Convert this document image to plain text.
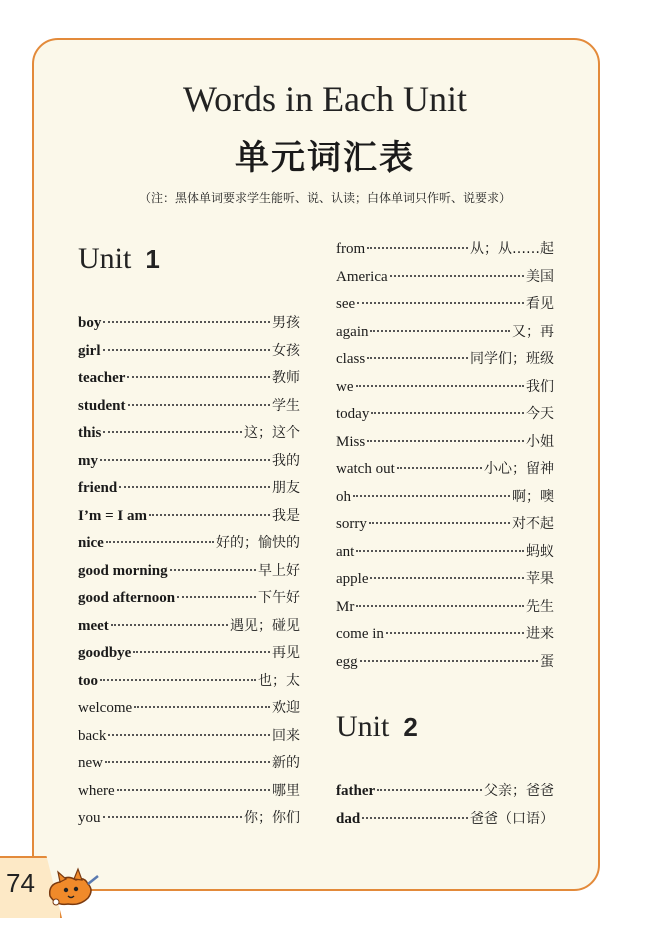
Words in Each Unit
单元词汇表
（注：黑体单词要求学生能听、说、认读；白体单词只作听、说要求）
Unit 1
boy	男孩
girl	女孩
teacher	教师
student	学生
this	这；这个
my	我的
friend	朋友
I’m = I am	我是
nice	好的；愉快的
good morning	早上好
good afternoon	下午好
meet	遇见；碰见
goodbye	再见
too	也；太
welcome	欢迎
back	回来
new	新的
where	哪里
you	你；你们
from	从；从……起
America	美国
see	看见
again	又；再
class	同学们；班级
we	我们
today	今天
Miss	小姐
watch out	小心；留神
oh	啊；噢
sorry	对不起
ant	蚂蚁
apple	苹果
Mr	先生
come in	进来
egg	蛋
Unit 2
father	父亲；爸爸
dad	爸爸（口语）
74
